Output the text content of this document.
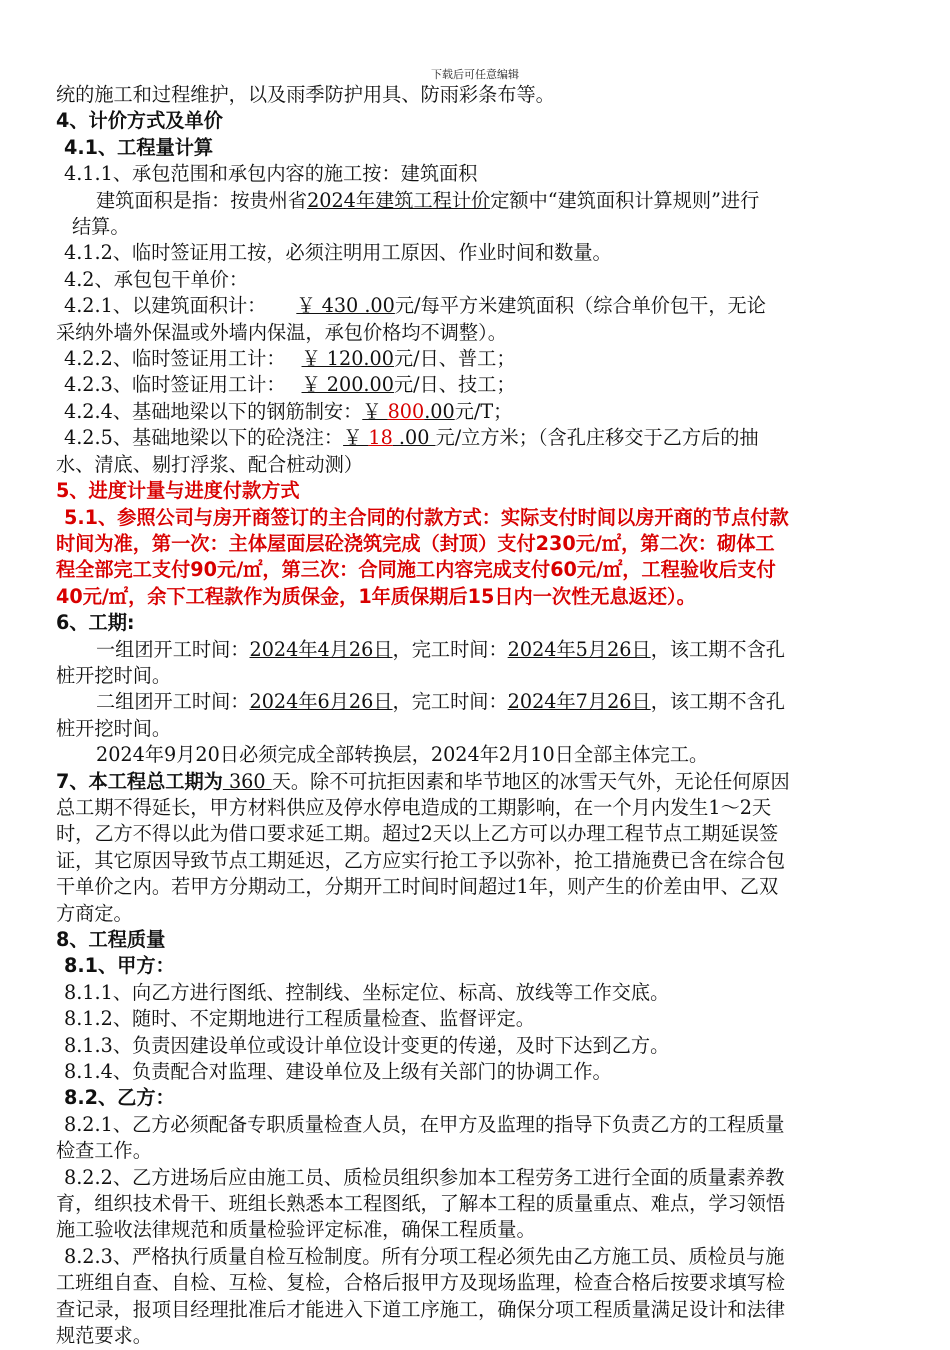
下载后可任意编辑

统的施工和过程维护，以及雨季防护用具、防雨彩条布等。

4、计价方式及单价

4.1、工程量计算

4.1.1、承包范围和承包内容的施工按：建筑面积

建筑面积是指：按贵州省2024年建筑工程计价定额中“建筑面积计算规则”进行

结算。

4.1.2、临时签证用工按，必须注明用工原因、作业时间和数量。

4.2、承包包干单价：

4.2.1、以建筑面积计： ￥ 430 .00元/每平方米建筑面积（综合单价包干，无论

采纳外墙外保温或外墙内保温，承包价格均不调整）。

4.2.2、临时签证用工计： ￥ 120.00元/日、普工；

4.2.3、临时签证用工计： ￥ 200.00元/日、技工；

4.2.4、基础地梁以下的钢筋制安：￥ 800.00元/T；

4.2.5、基础地梁以下的砼浇注：￥ 18 .00 元/立方米；（含孔庄移交于乙方后的抽

水、清底、剔打浮浆、配合桩动测）

5、进度计量与进度付款方式

5.1、参照公司与房开商签订的主合同的付款方式：实际支付时间以房开商的节点付款

时间为准，第一次：主体屋面层砼浇筑完成（封顶）支付230元/㎡，第二次：砌体工

程全部完工支付90元/㎡，第三次：合同施工内容完成支付60元/㎡，工程验收后支付

40元/㎡，余下工程款作为质保金，1年质保期后15日内一次性无息返还）。

6、工期:

一组团开工时间：2024年4月26日，完工时间：2024年5月26日，该工期不含孔

桩开挖时间。

二组团开工时间：2024年6月26日，完工时间：2024年7月26日，该工期不含孔

桩开挖时间。

2024年9月20日必须完成全部转换层，2024年2月10日全部主体完工。

7、本工程总工期为 360 天。除不可抗拒因素和毕节地区的冰雪天气外，无论任何原因

总工期不得延长，甲方材料供应及停水停电造成的工期影响，在一个月内发生1～2天

时，乙方不得以此为借口要求延工期。超过2天以上乙方可以办理工程节点工期延误签

证，其它原因导致节点工期延迟，乙方应实行抢工予以弥补，抢工措施费已含在综合包

干单价之内。若甲方分期动工，分期开工时间时间超过1年，则产生的价差由甲、乙双

方商定。

8、工程质量

8.1、甲方：

8.1.1、向乙方进行图纸、控制线、坐标定位、标高、放线等工作交底。

8.1.2、随时、不定期地进行工程质量检查、监督评定。

8.1.3、负责因建设单位或设计单位设计变更的传递，及时下达到乙方。

8.1.4、负责配合对监理、建设单位及上级有关部门的协调工作。

8.2、乙方：

8.2.1、乙方必须配备专职质量检查人员，在甲方及监理的指导下负责乙方的工程质量

检查工作。

8.2.2、乙方进场后应由施工员、质检员组织参加本工程劳务工进行全面的质量素养教

育，组织技术骨干、班组长熟悉本工程图纸，了解本工程的质量重点、难点，学习领悟

施工验收法律规范和质量检验评定标准，确保工程质量。

8.2.3、严格执行质量自检互检制度。所有分项工程必须先由乙方施工员、质检员与施

工班组自查、自检、互检、复检，合格后报甲方及现场监理，检查合格后按要求填写检

查记录，报项目经理批准后才能进入下道工序施工，确保分项工程质量满足设计和法律

规范要求。
